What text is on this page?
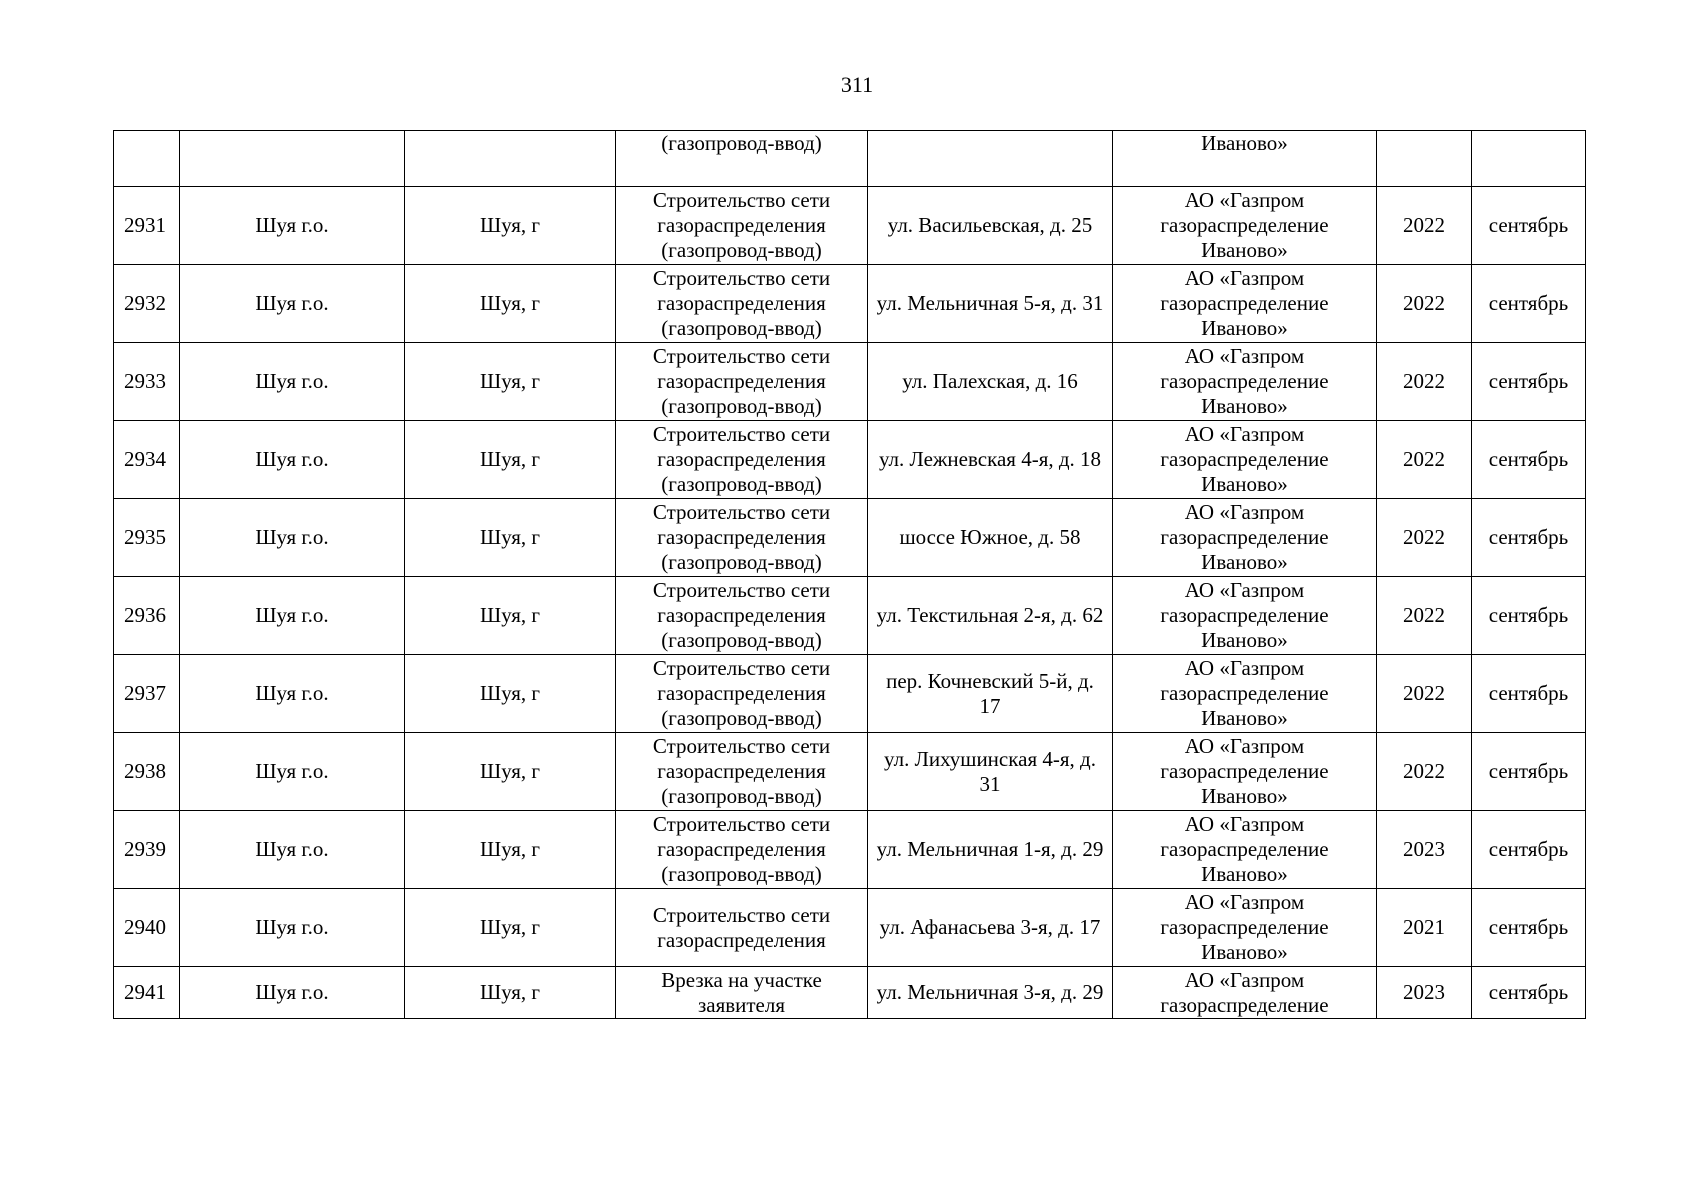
311
			(газопровод-ввод)		Иваново»		
2931	Шуя г.о.	Шуя, г	Строительство сети газораспределения (газопровод-ввод)	ул. Васильевская, д. 25	АО «Газпром газораспределение Иваново»	2022	сентябрь
2932	Шуя г.о.	Шуя, г	Строительство сети газораспределения (газопровод-ввод)	ул. Мельничная 5-я, д. 31	АО «Газпром газораспределение Иваново»	2022	сентябрь
2933	Шуя г.о.	Шуя, г	Строительство сети газораспределения (газопровод-ввод)	ул. Палехская, д. 16	АО «Газпром газораспределение Иваново»	2022	сентябрь
2934	Шуя г.о.	Шуя, г	Строительство сети газораспределения (газопровод-ввод)	ул. Лежневская 4-я, д. 18	АО «Газпром газораспределение Иваново»	2022	сентябрь
2935	Шуя г.о.	Шуя, г	Строительство сети газораспределения (газопровод-ввод)	шоссе Южное, д. 58	АО «Газпром газораспределение Иваново»	2022	сентябрь
2936	Шуя г.о.	Шуя, г	Строительство сети газораспределения (газопровод-ввод)	ул. Текстильная 2-я, д. 62	АО «Газпром газораспределение Иваново»	2022	сентябрь
2937	Шуя г.о.	Шуя, г	Строительство сети газораспределения (газопровод-ввод)	пер. Кочневский 5-й, д. 17	АО «Газпром газораспределение Иваново»	2022	сентябрь
2938	Шуя г.о.	Шуя, г	Строительство сети газораспределения (газопровод-ввод)	ул. Лихушинская 4-я, д. 31	АО «Газпром газораспределение Иваново»	2022	сентябрь
2939	Шуя г.о.	Шуя, г	Строительство сети газораспределения (газопровод-ввод)	ул. Мельничная 1-я, д. 29	АО «Газпром газораспределение Иваново»	2023	сентябрь
2940	Шуя г.о.	Шуя, г	Строительство сети газораспределения	ул. Афанасьева 3-я, д. 17	АО «Газпром газораспределение Иваново»	2021	сентябрь
2941	Шуя г.о.	Шуя, г	Врезка на участке заявителя	ул. Мельничная 3-я, д. 29	АО «Газпром газораспределение	2023	сентябрь
